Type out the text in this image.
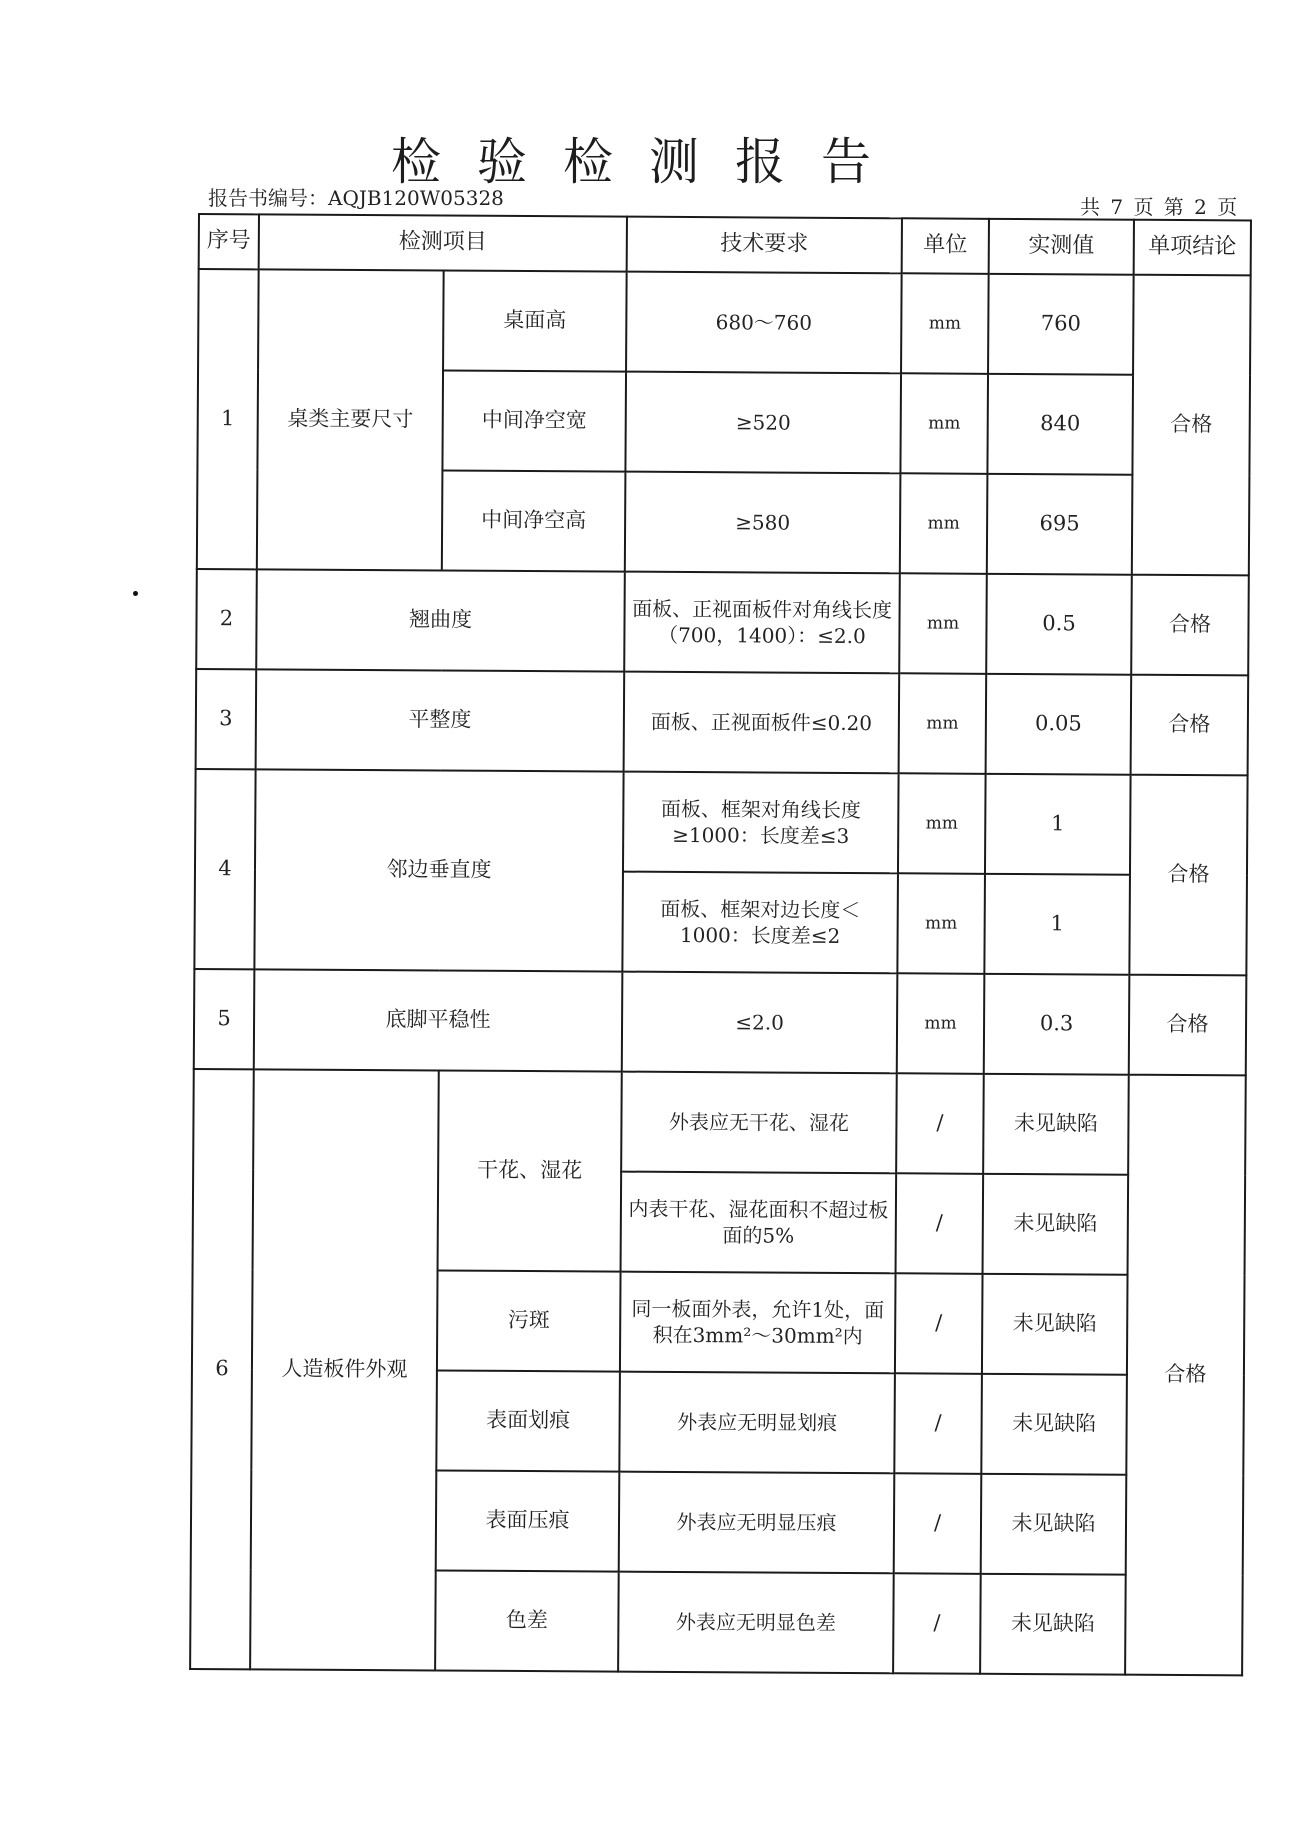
检验检测报告
报告书编号：AQJB120W05328	共 7 页 第 2 页
序号	检测项目		技术要求	单位	实测值	单项结论
1	桌类主要尺寸	桌面高	680～760	mm	760	合格
		中间净空宽	≥520	mm	840	
		中间净空高	≥580	mm	695	
2	翘曲度		面板、正视面板件对角线长度（700，1400）：≤2.0	mm	0.5	合格
3	平整度		面板、正视面板件≤0.20	mm	0.05	合格
4	邻边垂直度		面板、框架对角线长度≥1000：长度差≤3	mm	1	合格
			面板、框架对边长度＜1000：长度差≤2	mm	1	
5	底脚平稳性		≤2.0	mm	0.3	合格
6	人造板件外观	干花、湿花	外表应无干花、湿花	/	未见缺陷	合格
			内表干花、湿花面积不超过板面的5%	/	未见缺陷	
		污斑	同一板面外表，允许1处，面积在3mm²～30mm²内	/	未见缺陷	
		表面划痕	外表应无明显划痕	/	未见缺陷	
		表面压痕	外表应无明显压痕	/	未见缺陷	
		色差	外表应无明显色差	/	未见缺陷	
